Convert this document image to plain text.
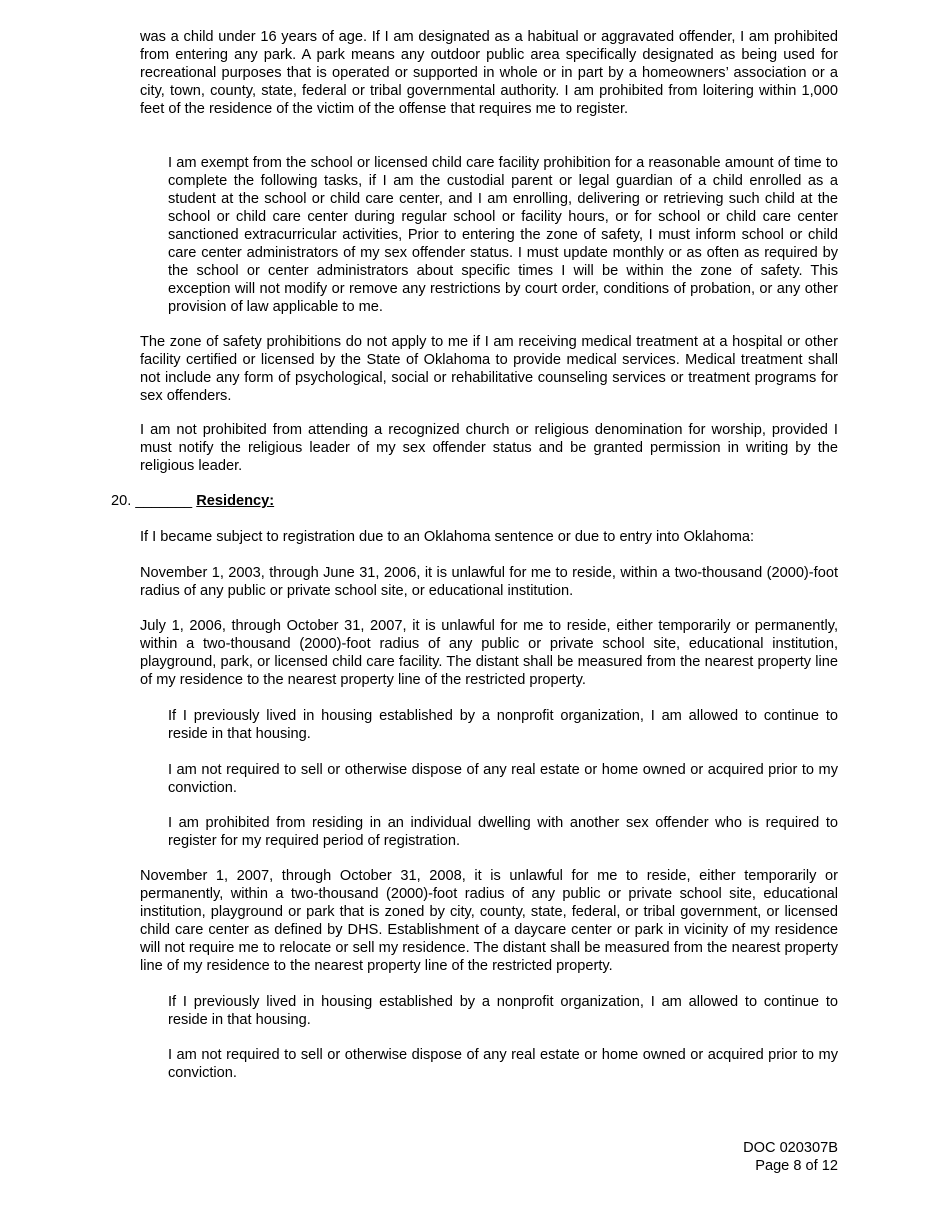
was a child under 16 years of age. If I am designated as a habitual or aggravated offender, I am prohibited from entering any park. A park means any outdoor public area specifically designated as being used for recreational purposes that is operated or supported in whole or in part by a homeowners’ association or a city, town, county, state, federal or tribal governmental authority. I am prohibited from loitering within 1,000 feet of the residence of the victim of the offense that requires me to register.

I am exempt from the school or licensed child care facility prohibition for a reasonable amount of time to complete the following tasks, if I am the custodial parent or legal guardian of a child enrolled as a student at the school or child care center, and I am enrolling, delivering or retrieving such child at the school or child care center during regular school or facility hours, or for school or child care center sanctioned extracurricular activities, Prior to entering the zone of safety, I must inform school or child care center administrators of my sex offender status. I must update monthly or as often as required by the school or center administrators about specific times I will be within the zone of safety. This exception will not modify or remove any restrictions by court order, conditions of probation, or any other provision of law applicable to me.

The zone of safety prohibitions do not apply to me if I am receiving medical treatment at a hospital or other facility certified or licensed by the State of Oklahoma to provide medical services. Medical treatment shall not include any form of psychological, social or rehabilitative counseling services or treatment programs for sex offenders.

I am not prohibited from attending a recognized church or religious denomination for worship, provided I must notify the religious leader of my sex offender status and be granted permission in writing by the religious leader.

20. _______ Residency:

If I became subject to registration due to an Oklahoma sentence or due to entry into Oklahoma:

November 1, 2003, through June 31, 2006, it is unlawful for me to reside, within a two-thousand (2000)-foot radius of any public or private school site, or educational institution.

July 1, 2006, through October 31, 2007, it is unlawful for me to reside, either temporarily or permanently, within a two-thousand (2000)-foot radius of any public or private school site, educational institution, playground, park, or licensed child care facility. The distant shall be measured from the nearest property line of my residence to the nearest property line of the restricted property.

If I previously lived in housing established by a nonprofit organization, I am allowed to continue to reside in that housing.

I am not required to sell or otherwise dispose of any real estate or home owned or acquired prior to my conviction.

I am prohibited from residing in an individual dwelling with another sex offender who is required to register for my required period of registration.

November 1, 2007, through October 31, 2008, it is unlawful for me to reside, either temporarily or permanently, within a two-thousand (2000)-foot radius of any public or private school site, educational institution, playground or park that is zoned by city, county, state, federal, or tribal government, or licensed child care center as defined by DHS. Establishment of a daycare center or park in vicinity of my residence will not require me to relocate or sell my residence. The distant shall be measured from the nearest property line of my residence to the nearest property line of the restricted property.

If I previously lived in housing established by a nonprofit organization, I am allowed to continue to reside in that housing.

I am not required to sell or otherwise dispose of any real estate or home owned or acquired prior to my conviction.

DOC 020307B
Page 8 of 12
